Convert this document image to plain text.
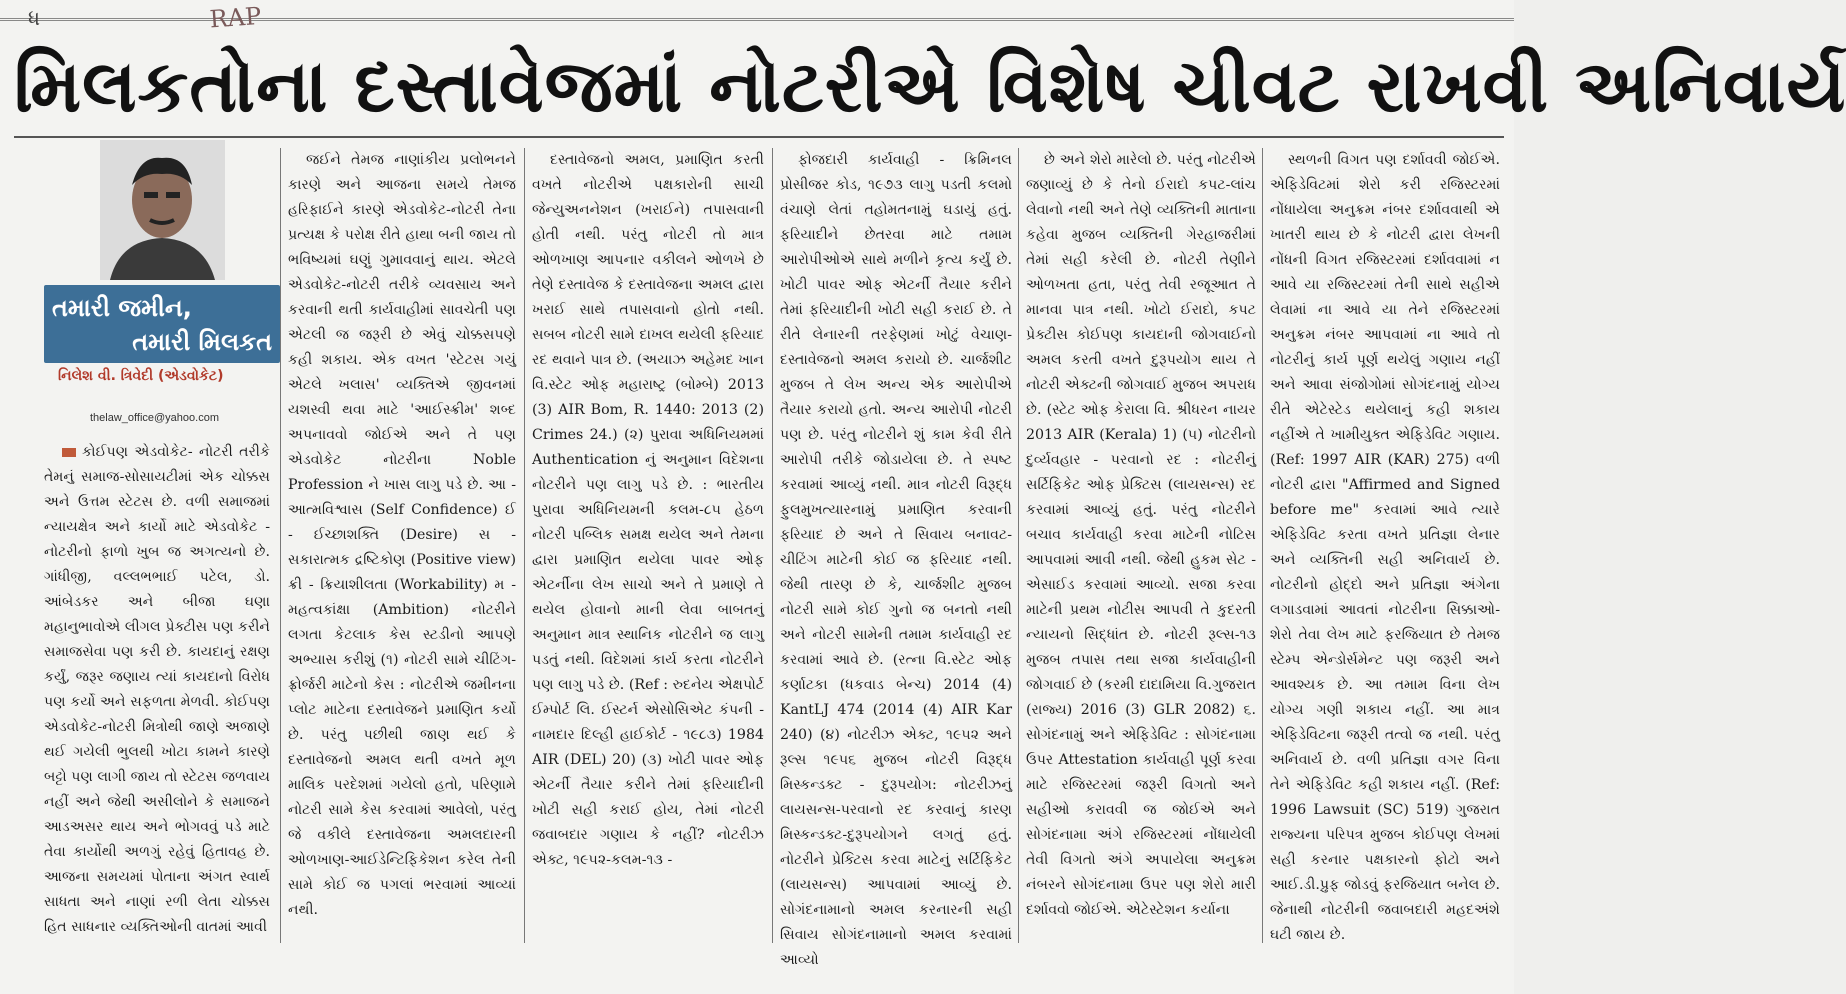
ધ	RAP
મિલકતોના દસ્તાવેજમાં નોટરીએ વિશેષ ચીવટ રાખવી અનિવાર્ય
તમારી જમીન,
તમારી મિલકત
નિલેશ વી. ત્રિવેદી (એડવોકેટ)
thelaw_office@yahoo.com

કોઈપણ એડવોકેટ- નોટરી તરીકે તેમનું સમાજ-સોસાયટીમાં એક ચોક્કસ અને ઉત્તમ સ્ટેટસ છે. વળી સમાજમાં ન્યાયક્ષેત્ર અને કાર્યો માટે એડવોકેટ - નોટરીનો ફાળો ખુબ જ અગત્યનો છે. ગાંધીજી, વલ્લભભાઈ પટેલ, ડો. આંબેડકર અને બીજા ઘણા મહાનુભાવોએ લીગલ પ્રેક્ટીસ પણ કરીને સમાજસેવા પણ કરી છે. કાયદાનું રક્ષણ કર્યું, જરૂર જણાય ત્યાં કાયદાનો વિરોધ પણ કર્યો અને સફળતા મેળવી. કોઈપણ એડવોકેટ-નોટરી મિત્રોથી જાણે અજાણે થઈ ગયેલી ભુલથી ખોટા કામને કારણે બટ્ટો પણ લાગી જાય તો સ્ટેટસ જળવાય નહીં અને જેથી અસીલોને કે સમાજને આડઅસર થાય અને ભોગવવું પડે માટે તેવા કાર્યોથી અળગું રહેવું હિતાવહ છે. આજના સમયમાં પોતાના અંગત સ્વાર્થ સાધતા અને નાણાં રળી લેતા ચોક્કસ હિત સાધનાર વ્યક્તિઓની વાતમાં આવી

જઈને તેમજ નાણાંકીય પ્રલોભનને કારણે અને આજના સમયે તેમજ હરિફાઈને કારણે એડવોકેટ-નોટરી તેના પ્રત્યક્ષ કે પરોક્ષ રીતે હાથા બની જાય તો ભવિષ્યમાં ઘણું ગુમાવવાનું થાય. એટલે એડવોકેટ-નોટરી તરીકે વ્યવસાય અને કરવાની થતી કાર્યવાહીમાં સાવચેતી પણ એટલી જ જરૂરી છે એવું ચોક્કસપણે કહી શકાય. એક વખત 'સ્ટેટસ ગયું એટલે ખલાસ' વ્યક્તિએ જીવનમાં યશસ્વી થવા માટે 'આઈસ્ક્રીમ' શબ્દ અપનાવવો જોઈએ અને તે પણ એડવોકેટ નોટરીના Noble Profession ને ખાસ લાગુ પડે છે. આ - આત્મવિશ્વાસ (Self Confidence) ઈ - ઈચ્છાશક્તિ (Desire) સ - સકારાત્મક દ્રષ્ટિકોણ (Positive view) ક્રી - ક્રિયાશીલતા (Workability) મ - મહત્વકાંક્ષા (Ambition) નોટરીને લગતા કેટલાક કેસ સ્ટડીનો આપણે અભ્યાસ કરીશું (૧) નોટરી સામે ચીટિંગ-ફ્રોર્જરી માટેનો કેસ : નોટરીએ જમીનના પ્લોટ માટેના દસ્તાવેજને પ્રમાણિત કર્યો છે. પરંતુ પછીથી જાણ થઈ કે દસ્તાવેજનો અમલ થતી વખતે મૂળ માલિક પરદેશમાં ગયેલો હતો, પરિણામે નોટરી સામે કેસ કરવામાં આવેલો, પરંતુ જે વકીલે દસ્તાવેજના અમલદારની ઓળખાણ-આઈડેન્ટિફિકેશન કરેલ તેની સામે કોઈ જ પગલાં ભરવામાં આવ્યાં નથી.

દસ્તાવેજનો અમલ, પ્રમાણિત કરતી વખતે નોટરીએ પક્ષકારોની સાચી જેન્યુઅનનેશન (ખરાઈને) તપાસવાની હોતી નથી. પરંતુ નોટરી તો માત્ર ઓળખાણ આપનાર વકીલને ઓળખે છે તેણે દસ્તાવેજ કે દસ્તાવેજના અમલ દ્વારા ખરાઈ સાથે તપાસવાનો હોતો નથી. સબબ નોટરી સામે દાખલ થયેલી ફરિયાદ રદ થવાને પાત્ર છે. (અયાઝ અહેમદ ખાન વિ.સ્ટેટ ઓફ મહારાષ્ટ્ર (બોમ્બે) 2013 (3) AIR Bom, R. 1440: 2013 (2) Crimes 24.) (૨) પુરાવા અધિનિયમમાં Authentication નું અનુમાન વિદેશના નોટરીને પણ લાગુ પડે છે. : ભારતીય પુરાવા અધિનિયમની કલમ-૮૫ હેઠળ નોટરી પબ્લિક સમક્ષ થયેલ અને તેમના દ્વારા પ્રમાણિત થયેલા પાવર ઓફ એટર્નીના લેખ સાચો અને તે પ્રમાણે તે થયેલ હોવાનો માની લેવા બાબતનું અનુમાન માત્ર સ્થાનિક નોટરીને જ લાગુ પડતું નથી. વિદેશમાં કાર્ય કરતા નોટરીને પણ લાગુ પડે છે. (Ref : રુદનેય એક્ષપોર્ટ ઈમ્પોર્ટ લિ. ઈસ્ટર્ન એસોસિએટ કંપની - નામદાર દિલ્હી હાઈકોર્ટ - ૧૯૮૩) 1984 AIR (DEL) 20) (૩) ખોટી પાવર ઓફ એટર્ની તૈયાર કરીને તેમાં ફરિયાદીની ખોટી સહી કરાઈ હોય, તેમાં નોટરી જવાબદાર ગણાય કે નહીં? નોટરીઝ એક્ટ, ૧૯૫૨-કલમ-૧૩ -

ફોજદારી કાર્યવાહી - ક્રિમિનલ પ્રોસીજર કોડ, ૧૯૭૩ લાગુ પડતી કલમો વંચાણે લેતાં તહોમતનામું ઘડાયું હતું. ફરિયાદીને છેતરવા માટે તમામ આરોપીઓએ સાથે મળીને કૃત્ય કર્યું છે. ખોટી પાવર ઓફ એટર્ની તૈયાર કરીને તેમાં ફરિયાદીની ખોટી સહી કરાઈ છે. તે રીતે લેનારની તરફેણમાં ખોટું વેચાણ- દસ્તાવેજનો અમલ કરાયો છે. ચાર્જશીટ મુજબ તે લેખ અન્ય એક આરોપીએ તૈયાર કરાયો હતો. અન્ય આરોપી નોટરી પણ છે. પરંતુ નોટરીને શું કામ કેવી રીતે આરોપી તરીકે જોડાયેલા છે. તે સ્પષ્ટ કરવામાં આવ્યું નથી. માત્ર નોટરી વિરૂદ્ધ ફુલમુખત્યારનામું પ્રમાણિત કરવાની ફરિયાદ છે અને તે સિવાય બનાવટ-ચીટિંગ માટેની કોઈ જ ફરિયાદ નથી. જેથી તારણ છે કે, ચાર્જશીટ મુજબ નોટરી સામે કોઈ ગુનો જ બનતો નથી અને નોટરી સામેની તમામ કાર્યવાહી રદ કરવામાં આવે છે. (રત્ના વિ.સ્ટેટ ઓફ કર્ણાટકા (ધકવાડ બેન્ચ) 2014 (4) KantLJ 474 (2014 (4) AIR Kar 240) (૪) નોટરીઝ એક્ટ, ૧૯૫૨ અને રૂલ્સ ૧૯૫૬ મુજબ નોટરી વિરૂદ્ધ મિસ્કન્ડક્ટ - દુરૂપયોગ: નોટરીઝનું લાયસન્સ-પરવાનો રદ કરવાનું કારણ મિસ્કન્ડક્ટ-દુરૂપયોગને લગતું હતું. નોટરીને પ્રેક્ટિસ કરવા માટેનું સર્ટિફિકેટ (લાયસન્સ) આપવામાં આવ્યું છે. સોગંદનામાનો અમલ કરનારની સહી સિવાય સોગંદનામાનો અમલ કરવામાં આવ્યો

છે અને શેરો મારેલો છે. પરંતુ નોટરીએ જણાવ્યું છે કે તેનો ઈરાદો કપટ-લાંચ લેવાનો નથી અને તેણે વ્યક્તિની માતાના કહેવા મુજબ વ્યક્તિની ગેરહાજરીમાં તેમાં સહી કરેલી છે. નોટરી તેણીને ઓળખતા હતા, પરંતુ તેવી રજૂઆત તે માનવા પાત્ર નથી. ખોટો ઈરાદો, કપટ પ્રેક્ટીસ કોઈપણ કાયદાની જોગવાઈનો અમલ કરતી વખતે દુરૂપયોગ થાય તે નોટરી એક્ટની જોગવાઈ મુજબ અપરાધ છે. (સ્ટેટ ઓફ કેરાલા વિ. શ્રીધરન નાયર 2013 AIR (Kerala) 1) (૫) નોટરીનો દુર્વ્યવહાર - પરવાનો રદ : નોટરીનું સર્ટિફિકેટ ઓફ પ્રેક્ટિસ (લાયસન્સ) રદ કરવામાં આવ્યું હતું. પરંતુ નોટરીને બચાવ કાર્યવાહી કરવા માટેની નોટિસ આપવામાં આવી નથી. જેથી હુકમ સેટ - એસાઈડ કરવામાં આવ્યો. સજા કરવા માટેની પ્રથમ નોટીસ આપવી તે કુદરતી ન્યાયનો સિદ્ધાંત છે. નોટરી રૂલ્સ-૧૩ મુજબ તપાસ તથા સજા કાર્યવાહીની જોગવાઈ છે (કરમી દાદામિયા વિ.ગુજરાત (રાજ્ય) 2016 (3) GLR 2082) ૬. સોગંદનામું અને એફિડેવિટ : સોગંદનામા ઉપર Attestation કાર્યવાહી પૂર્ણ કરવા માટે રજિસ્ટરમાં જરૂરી વિગતો અને સહીઓ કરાવવી જ જોઈએ અને સોગંદનામા અંગે રજિસ્ટરમાં નોંધાયેલી તેવી વિગતો અંગે અપાયેલા અનુક્રમ નંબરને સોગંદનામા ઉપર પણ શેરો મારી દર્શાવવો જોઈએ. એટેસ્ટેશન કર્યાના

સ્થળની વિગત પણ દર્શાવવી જોઈએ. એફિડેવિટમાં શેરો કરી રજિસ્ટરમાં નોંધાયેલા અનુક્રમ નંબર દર્શાવવાથી એ ખાતરી થાય છે કે નોટરી દ્વારા લેખની નોંધની વિગત રજિસ્ટરમાં દર્શાવવામાં ન આવે યા રજિસ્ટરમાં તેની સાથે સહીએ લેવામાં ના આવે યા તેને રજિસ્ટરમાં અનુક્રમ નંબર આપવામાં ના આવે તો નોટરીનું કાર્ય પૂર્ણ થયેલું ગણાય નહીં અને આવા સંજોગોમાં સોગંદનામું યોગ્ય રીતે એટેસ્ટેડ થયેલાનું કહી શકાય નહીંએ તે ખામીયુક્ત એફિડેવિટ ગણાય. (Ref: 1997 AIR (KAR) 275) વળી નોટરી દ્વારા "Affirmed and Signed before me" કરવામાં આવે ત્યારે એફિડેવિટ કરતા વખતે પ્રતિજ્ઞા લેનાર અને વ્યક્તિની સહી અનિવાર્ય છે. નોટરીનો હોદ્દો અને પ્રતિજ્ઞા અંગેના લગાડવામાં આવતાં નોટરીના સિક્કાઓ-શેરો તેવા લેખ માટે ફરજિયાત છે તેમજ સ્ટેમ્પ એન્ડોર્સમેન્ટ પણ જરૂરી અને આવશ્યક છે. આ તમામ વિના લેખ યોગ્ય ગણી શકાય નહીં. આ માત્ર એફિડેવિટના જરૂરી તત્વો જ નથી. પરંતુ અનિવાર્ય છે. વળી પ્રતિજ્ઞા વગર વિના તેને એફિડેવિટ કહી શકાય નહીં. (Ref: 1996 Lawsuit (SC) 519) ગુજરાત રાજ્યના પરિપત્ર મુજબ કોઈપણ લેખમાં સહી કરનાર પક્ષકારનો ફોટો અને આઈ.ડી.પ્રુફ જોડવું ફરજિયાત બનેલ છે. જેનાથી નોટરીની જવાબદારી મહદઅંશે ઘટી જાય છે.
